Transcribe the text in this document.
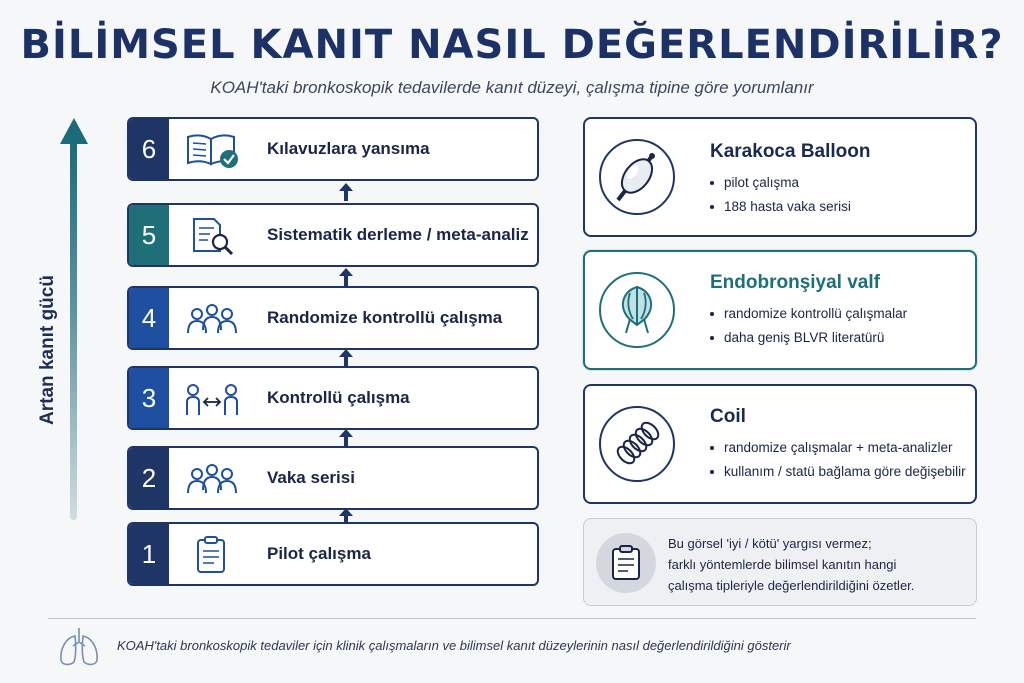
BİLİMSEL KANIT NASIL DEĞERLENDİRİLİR?
KOAH'taki bronkoskopik tedavilerde kanıt düzeyi, çalışma tipine göre yorumlanır
Artan kanıt gücü
6	Kılavuzlara yansıma
5	Sistematik derleme / meta-analiz
4	Randomize kontrollü çalışma
3	Kontrollü çalışma
2	Vaka serisi
1	Pilot çalışma
Karakoca Balloon
pilot çalışma
188 hasta vaka serisi
Endobronşiyal valf
randomize kontrollü çalışmalar
daha geniş BLVR literatürü
Coil
randomize çalışmalar + meta-analizler
kullanım / statü bağlama göre değişebilir
Bu görsel 'iyi / kötü' yargısı vermez;
farklı yöntemlerde bilimsel kanıtın hangi
çalışma tipleriyle değerlendirildiğini özetler.
KOAH'taki bronkoskopik tedaviler için klinik çalışmaların ve bilimsel kanıt düzeylerinin nasıl değerlendirildiğini gösterir
